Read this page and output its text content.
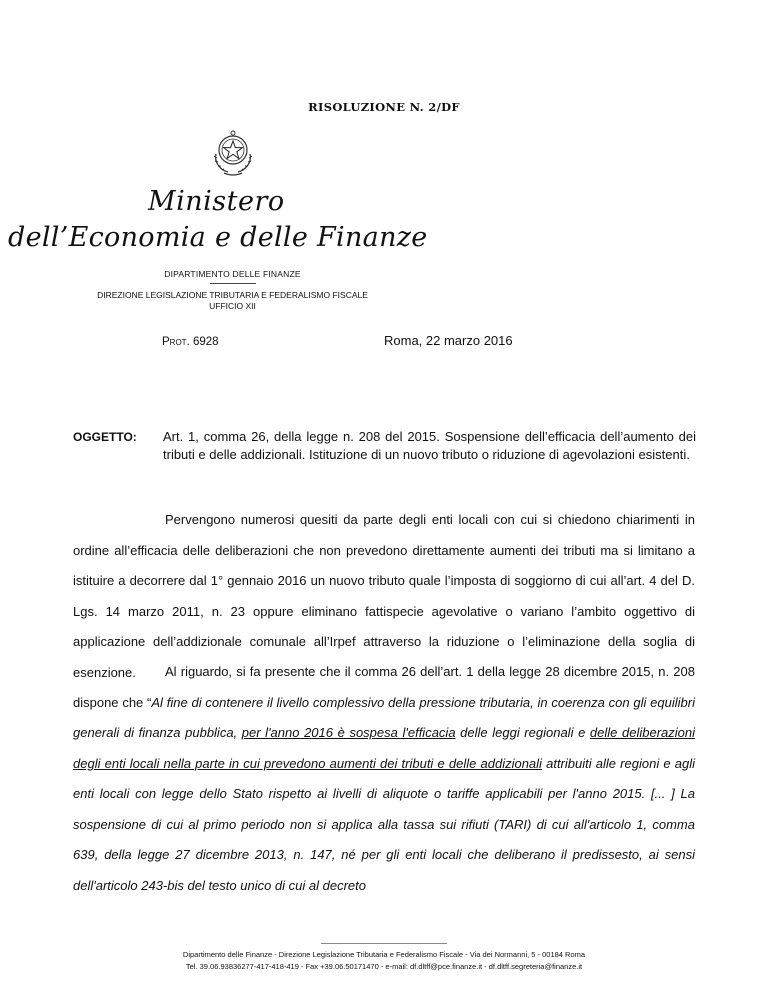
RISOLUZIONE N. 2/DF
Ministero
dell’Economia e delle Finanze
DIPARTIMENTO DELLE FINANZE
DIREZIONE LEGISLAZIONE TRIBUTARIA E FEDERALISMO FISCALE
UFFICIO XII
Prot. 6928	Roma, 22 marzo 2016
OGGETTO: Art. 1, comma 26, della legge n. 208 del 2015. Sospensione dell’efficacia dell’aumento dei tributi e delle addizionali. Istituzione di un nuovo tributo o riduzione di agevolazioni esistenti.
Pervengono numerosi quesiti da parte degli enti locali con cui si chiedono chiarimenti in ordine all’efficacia delle deliberazioni che non prevedono direttamente aumenti dei tributi ma si limitano a istituire a decorrere dal 1° gennaio 2016 un nuovo tributo quale l’imposta di soggiorno di cui all’art. 4 del D. Lgs. 14 marzo 2011, n. 23 oppure eliminano fattispecie agevolative o variano l’ambito oggettivo di applicazione dell’addizionale comunale all’Irpef attraverso la riduzione o l’eliminazione della soglia di esenzione.	Al riguardo, si fa presente che il comma 26 dell’art. 1 della legge 28 dicembre 2015, n. 208 dispone che “Al fine di contenere il livello complessivo della pressione tributaria, in coerenza con gli equilibri generali di finanza pubblica, per l'anno 2016 è sospesa l'efficacia delle leggi regionali e delle deliberazioni degli enti locali nella parte in cui prevedono aumenti dei tributi e delle addizionali attribuiti alle regioni e agli enti locali con legge dello Stato rispetto ai livelli di aliquote o tariffe applicabili per l'anno 2015. [... ] La sospensione di cui al primo periodo non si applica alla tassa sui rifiuti (TARI) di cui all'articolo 1, comma 639, della legge 27 dicembre 2013, n. 147, né per gli enti locali che deliberano il predissesto, ai sensi dell'articolo 243-bis del testo unico di cui al decreto
Dipartimento delle Finanze - Direzione Legislazione Tributaria e Federalismo Fiscale - Via dei Normanni, 5 - 00184 Roma
Tel. 39.06.93836277-417-418-419 - Fax +39.06.50171470 - e-mail: df.dltff@pce.finanze.it - df.dltff.segreteria@finanze.it
